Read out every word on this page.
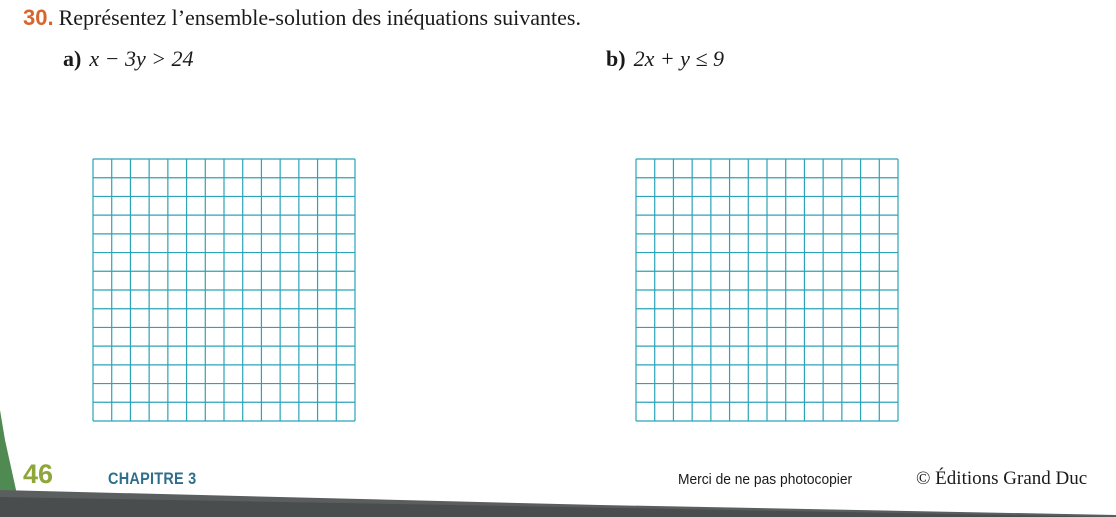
30. Représentez l’ensemble-solution des inéquations suivantes.
a) x − 3y > 24	b) 2x + y ≤ 9
46	CHAPITRE 3	Merci de ne pas photocopier	© Éditions Grand Duc
